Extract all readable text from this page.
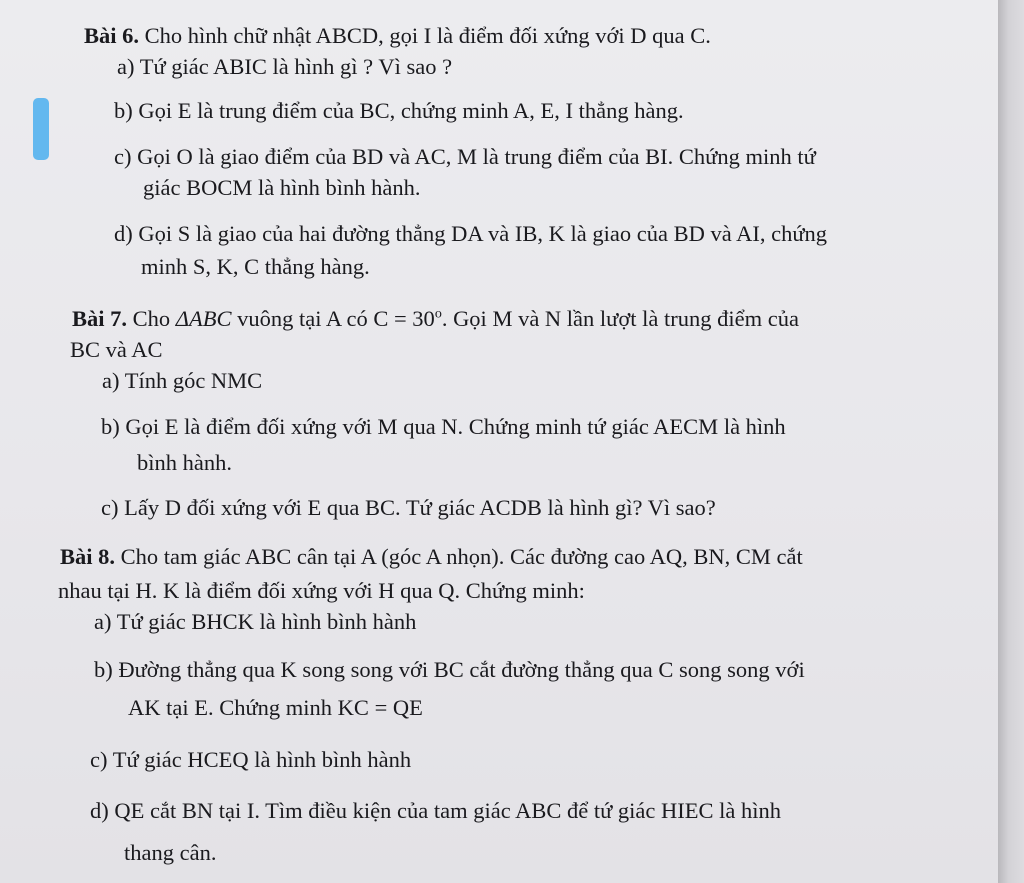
Bài 6. Cho hình chữ nhật ABCD, gọi I là điểm đối xứng với D qua C.
a) Tứ giác ABIC là hình gì ? Vì sao ?
b) Gọi E là trung điểm của BC, chứng minh A, E, I thẳng hàng.
c) Gọi O là giao điểm của BD và AC, M là trung điểm của BI. Chứng minh tứ
giác BOCM là hình bình hành.
d) Gọi S là giao của hai đường thẳng DA và IB, K là giao của BD và AI, chứng
minh S, K, C thẳng hàng.
Bài 7. Cho ΔABC vuông tại A có $C = 30^o$. Gọi M và N lần lượt là trung điểm của
BC và AC
a) Tính góc NMC
b) Gọi E là điểm đối xứng với M qua N. Chứng minh tứ giác AECM là hình
bình hành.
c) Lấy D đối xứng với E qua BC. Tứ giác ACDB là hình gì? Vì sao?
Bài 8. Cho tam giác ABC cân tại A (góc A nhọn). Các đường cao AQ, BN, CM cắt
nhau tại H. K là điểm đối xứng với H qua Q. Chứng minh:
a) Tứ giác BHCK là hình bình hành
b) Đường thẳng qua K song song với BC cắt đường thẳng qua C song song với
AK tại E. Chứng minh KC = QE
c) Tứ giác HCEQ là hình bình hành
d) QE cắt BN tại I. Tìm điều kiện của tam giác ABC để tứ giác HIEC là hình
thang cân.
